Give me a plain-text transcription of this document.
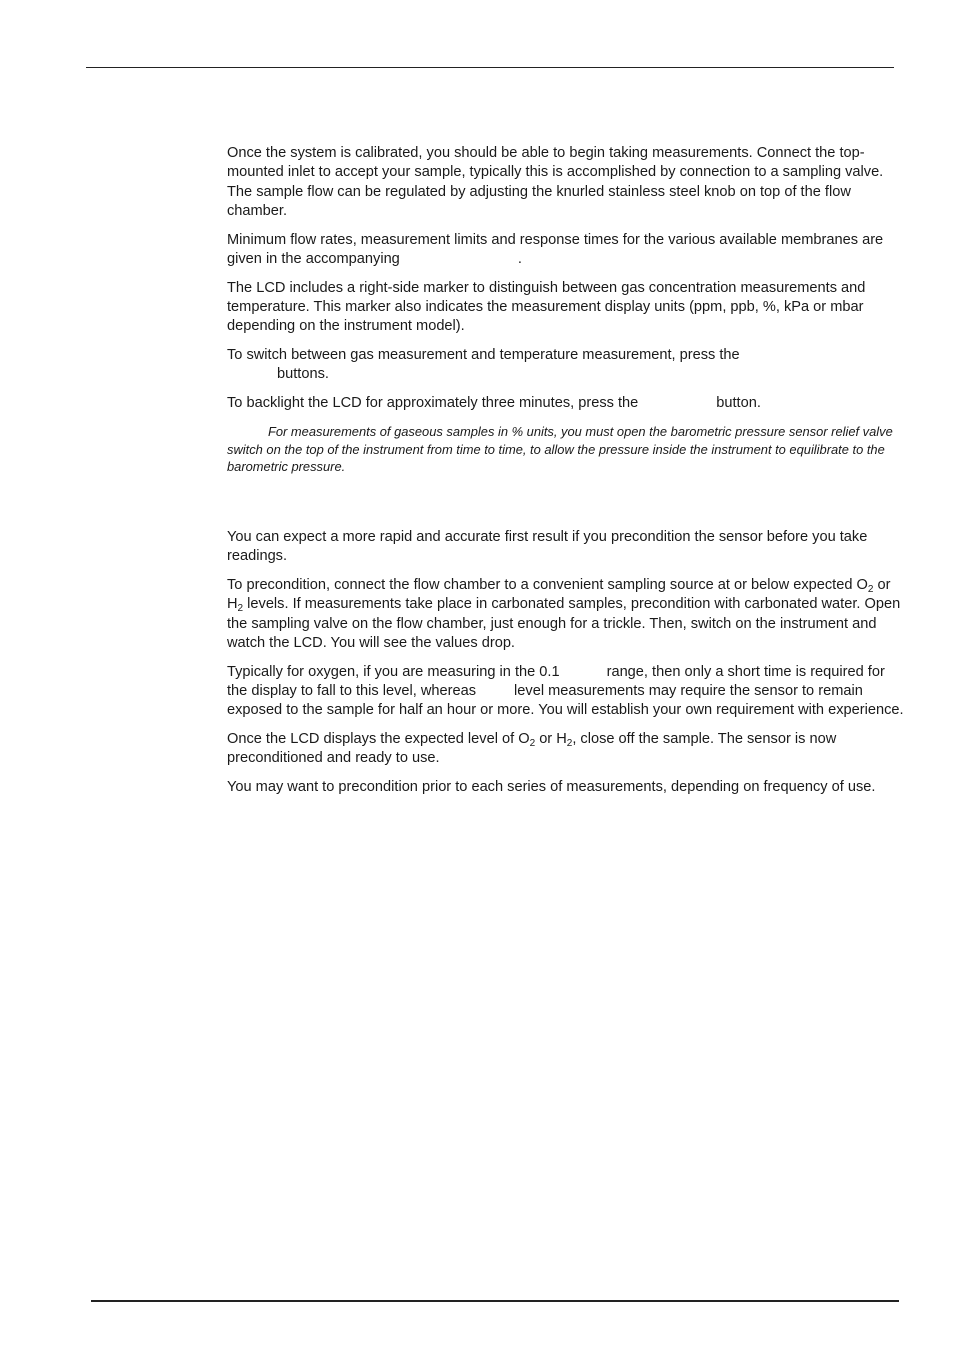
Once the system is calibrated, you should be able to begin taking measurements. Connect the top-mounted inlet to accept your sample, typically this is accomplished by connection to a sampling valve. The sample flow can be regulated by adjusting the knurled stainless steel knob on top of the flow chamber.

Minimum flow rates, measurement limits and response times for the various available membranes are given in the accompanying	.

The LCD includes a right-side marker to distinguish between gas concentration measurements and temperature. This marker also indicates the measurement display units (ppm, ppb, %, kPa or mbar depending on the instrument model).

To switch between gas measurement and temperature measurement, press the
buttons.

To backlight the LCD for approximately three minutes, press the	button.

For measurements of gaseous samples in % units, you must open the barometric pressure sensor relief valve switch on the top of the instrument from time to time, to allow the pressure inside the instrument to equilibrate to the barometric pressure.

You can expect a more rapid and accurate first result if you precondition the sensor before you take readings.

To precondition, connect the flow chamber to a convenient sampling source at or below expected $O_2$ or $H_2$ levels. If measurements take place in carbonated samples, precondition with carbonated water. Open the sampling valve on the flow chamber, just enough for a trickle. Then, switch on the instrument and watch the LCD. You will see the values drop.

Typically for oxygen, if you are measuring in the 0.1	range, then only a short time is required for the display to fall to this level, whereas	level measurements may require the sensor to remain exposed to the sample for half an hour or more. You will establish your own requirement with experience.

Once the LCD displays the expected level of $O_2$ or $H_2$, close off the sample. The sensor is now preconditioned and ready to use.

You may want to precondition prior to each series of measurements, depending on frequency of use.
